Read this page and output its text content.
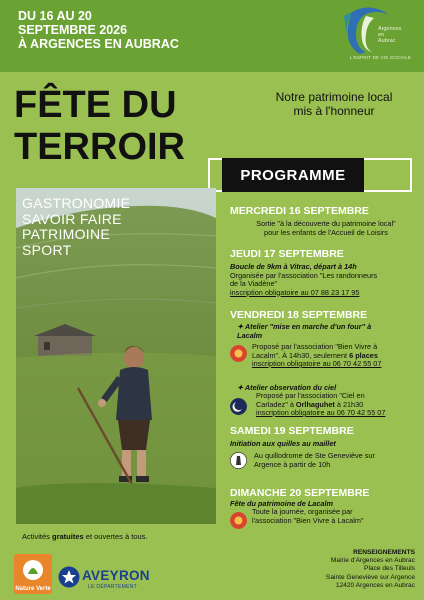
DU 16 AU 20
SEPTEMBRE 2026
À ARGENCES EN AUBRAC
Argences
en
Aubrac
L'ESPRIT DE VIE SOCIALE
FÊTE DU
TERROIR
Notre patrimoine local
mis à l'honneur
PROGRAMME
GASTRONOMIE
SAVOIR FAIRE
PATRIMOINE
SPORT
MERCREDI 16 SEPTEMBRE
Sortie "à la découverte du patrimoine local"
pour les enfants de l'Accueil de Loisirs
JEUDI 17 SEPTEMBRE
Boucle de 9km à Vitrac, départ à 14h
Organisée par l'association "Les randonneurs
de la Viadène"
inscription obligatoire au 07 88 23 17 95
VENDREDI 18 SEPTEMBRE
✦ Atelier "mise en marche d'un four" à
Lacalm
Proposé par l'association "Bien Vivre à
Lacalm". À 14h30, seulement 6 places
inscription obligatoire au 06 70 42 55 07
✦ Atelier observation du ciel
Proposé par l'association "Ciel en
Carladez" à Orlhaguhet à 21h30
inscription obligatoire au 06 70 42 55 07
SAMEDI 19 SEPTEMBRE
Initiation aux quilles au maillet
Au quillodrome de Ste Geneviève sur
Argence à partir de 10h
DIMANCHE 20 SEPTEMBRE
Fête du patrimoine de Lacalm
Toute la journée, organisée par
l'association "Bien Vivre à Lacalm"
Activités gratuites et ouvertes à tous.
Nature Verte
AVEYRON
LE DÉPARTEMENT
RENSEIGNEMENTS
Mairie d'Argences en Aubrac
Place des Tilleuls
Sainte Geneviève sur Argence
12420 Argences en Aubrac
